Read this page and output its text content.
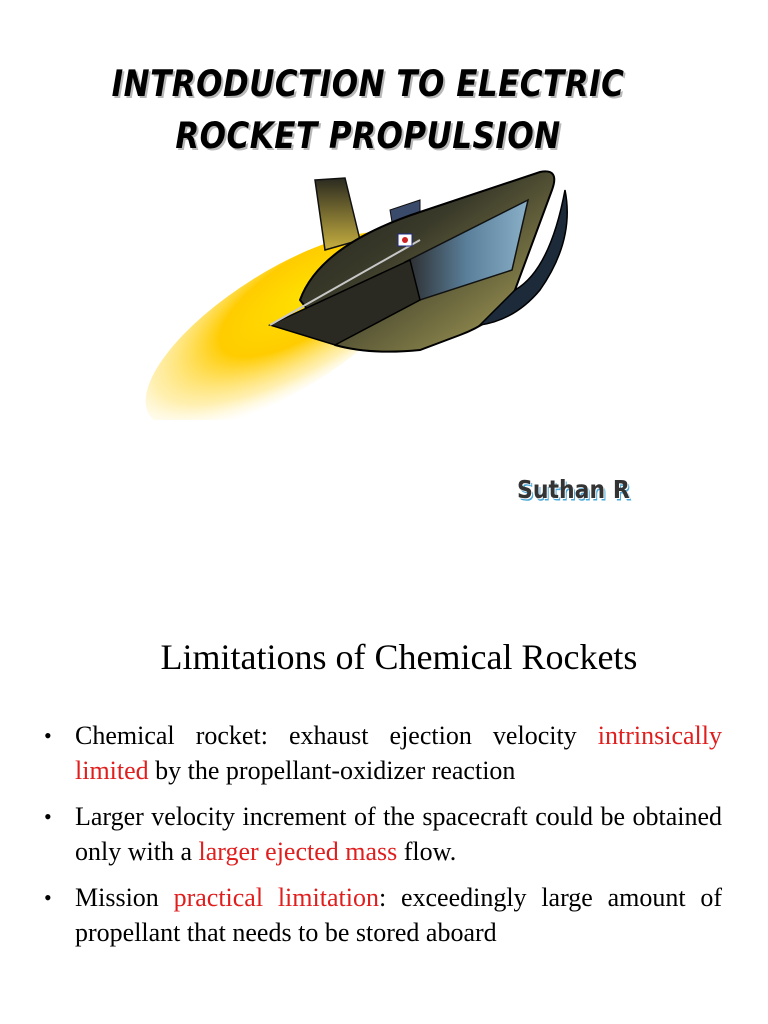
INTRODUCTION TO ELECTRIC
ROCKET PROPULSION
Suthan R
Limitations of Chemical Rockets
• Chemical rocket: exhaust ejection velocity intrinsically limited by the propellant-oxidizer reaction
• Larger velocity increment of the spacecraft could be obtained only with a larger ejected mass flow.
• Mission practical limitation: exceedingly large amount of propellant that needs to be stored aboard
